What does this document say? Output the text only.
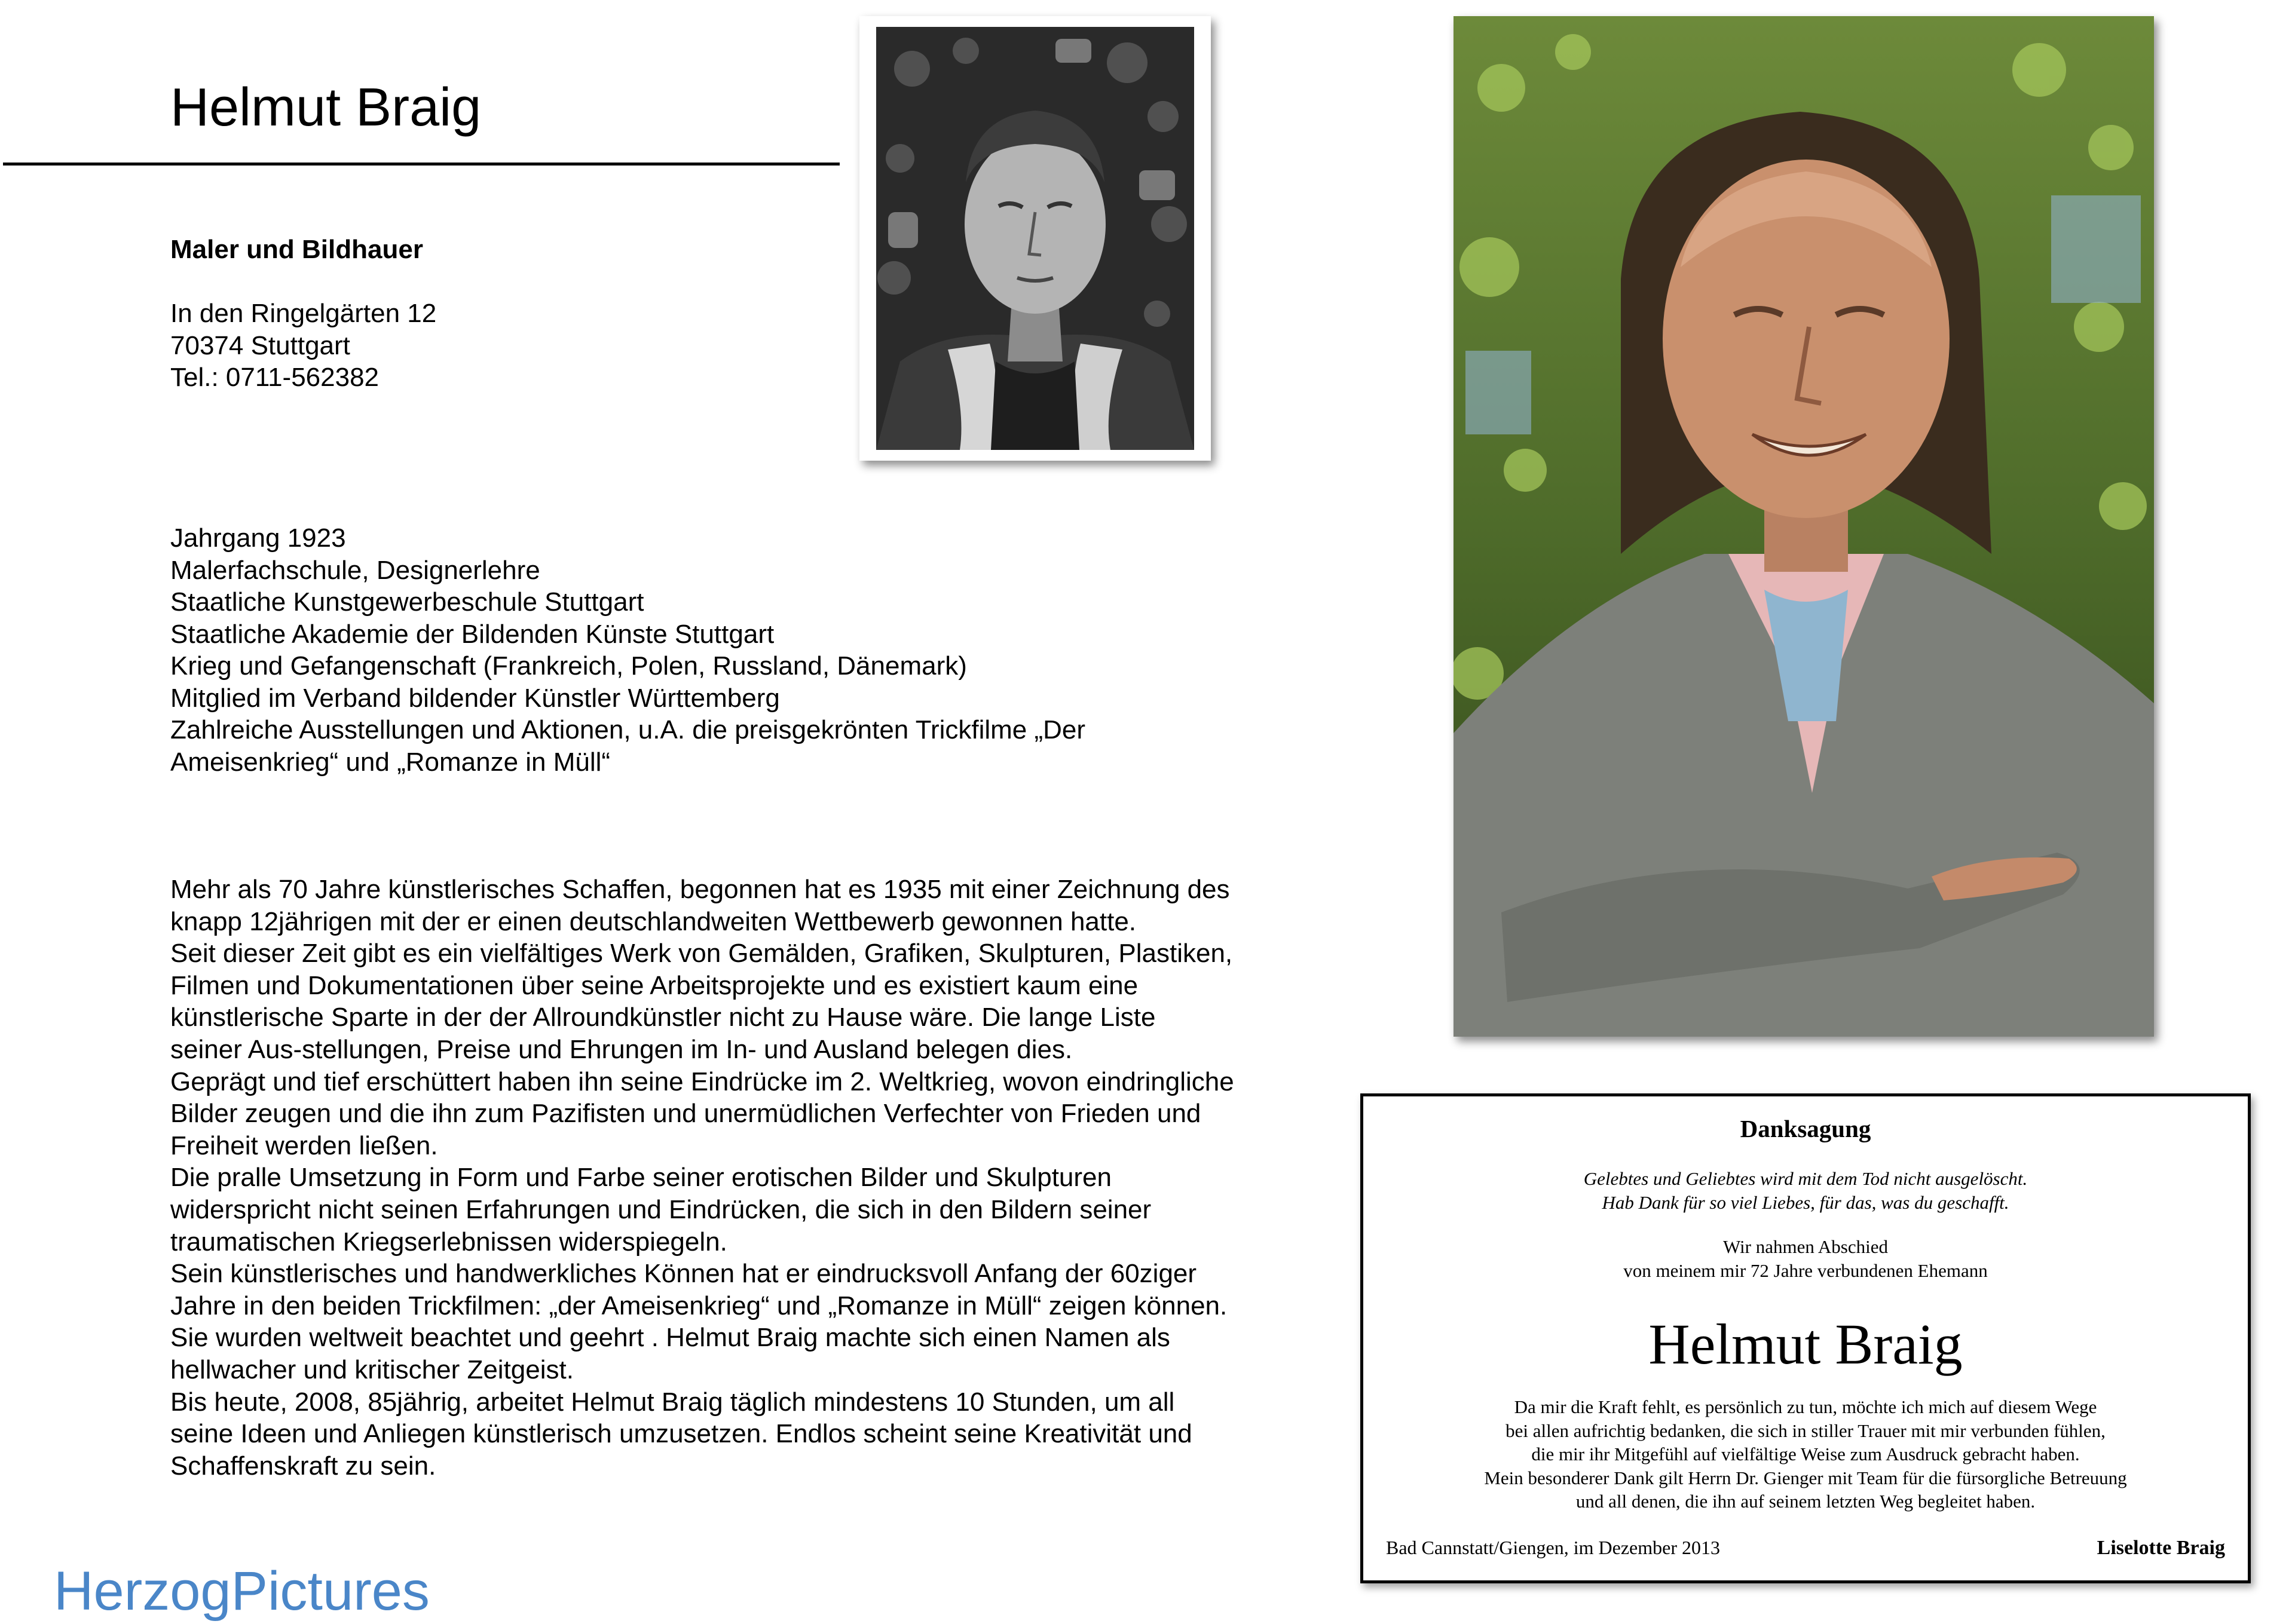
Helmut Braig
Maler und Bildhauer
In den Ringelgärten 12
70374 Stuttgart
Tel.: 0711-562382
Jahrgang 1923
Malerfachschule, Designerlehre
Staatliche Kunstgewerbeschule Stuttgart
Staatliche Akademie der Bildenden Künste Stuttgart
Krieg und Gefangenschaft (Frankreich, Polen, Russland, Dänemark)
Mitglied im Verband bildender Künstler Württemberg
Zahlreiche Ausstellungen und Aktionen, u.A. die preisgekrönten Trickfilme „Der
Ameisenkrieg“ und „Romanze in Müll“

Mehr als 70 Jahre künstlerisches Schaffen, begonnen hat es 1935 mit einer Zeichnung des knapp 12jährigen mit der er einen deutschlandweiten Wettbewerb gewonnen hatte.

Seit dieser Zeit gibt es ein vielfältiges Werk von Gemälden, Grafiken, Skulpturen, Plastiken, Filmen und Dokumentationen über seine Arbeitsprojekte und es existiert kaum eine künstlerische Sparte in der der Allroundkünstler nicht zu Hause wäre. Die lange Liste seiner Aus-stellungen, Preise und Ehrungen im In- und Ausland belegen dies.

Geprägt und tief erschüttert haben ihn seine Eindrücke im 2. Weltkrieg, wovon eindringliche Bilder zeugen und die ihn zum Pazifisten und unermüdlichen Verfechter von Frieden und Freiheit werden ließen.

Die pralle Umsetzung in Form und Farbe seiner erotischen Bilder und Skulpturen widerspricht nicht seinen Erfahrungen und Eindrücken, die sich in den Bildern seiner traumatischen Kriegserlebnissen widerspiegeln.

Sein künstlerisches und handwerkliches Können hat er eindrucksvoll Anfang der 60ziger Jahre in den beiden Trickfilmen: „der Ameisenkrieg“ und „Romanze in Müll“ zeigen können. Sie wurden weltweit beachtet und geehrt . Helmut Braig machte sich einen Namen als hellwacher und kritischer Zeitgeist.

Bis heute, 2008, 85jährig, arbeitet Helmut Braig täglich mindestens 10 Stunden, um all seine Ideen und Anliegen künstlerisch umzusetzen. Endlos scheint seine Kreativität und Schaffenskraft zu sein.

HerzogPictures
Danksagung
Gelebtes und Geliebtes wird mit dem Tod nicht ausgelöscht.
Hab Dank für so viel Liebes, für das, was du geschafft.
Wir nahmen Abschied
von meinem mir 72 Jahre verbundenen Ehemann
Helmut Braig
Da mir die Kraft fehlt, es persönlich zu tun, möchte ich mich auf diesem Wege
bei allen aufrichtig bedanken, die sich in stiller Trauer mit mir verbunden fühlen,
die mir ihr Mitgefühl auf vielfältige Weise zum Ausdruck gebracht haben.
Mein besonderer Dank gilt Herrn Dr. Gienger mit Team für die fürsorgliche Betreuung
und all denen, die ihn auf seinem letzten Weg begleitet haben.
Bad Cannstatt/Giengen, im Dezember 2013	Liselotte Braig
